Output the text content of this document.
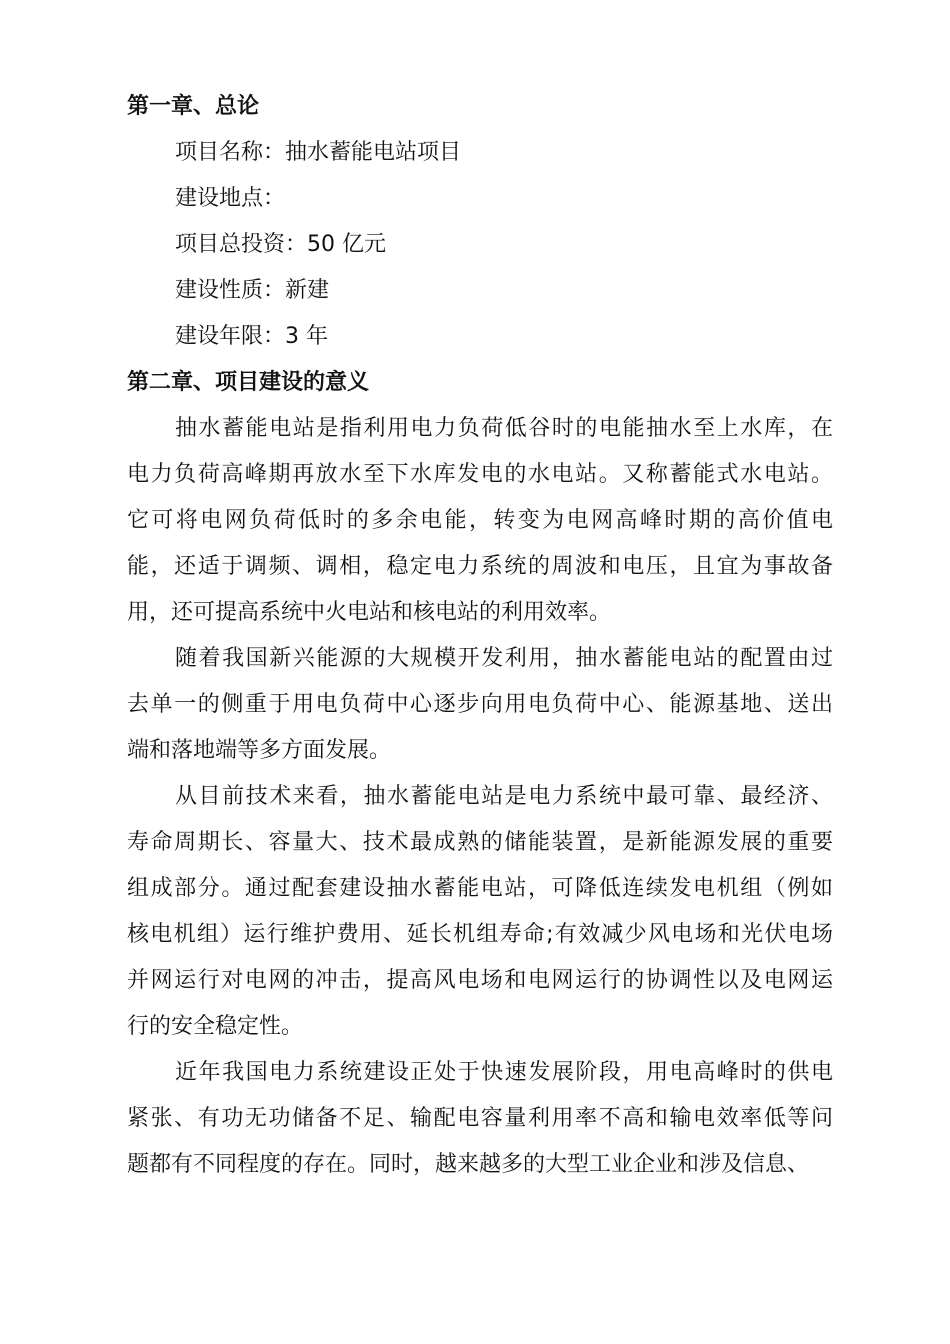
第一章、总论
项目名称：抽水蓄能电站项目
建设地点：
项目总投资：50 亿元
建设性质：新建
建设年限：3 年
第二章、项目建设的意义
抽水蓄能电站是指利用电力负荷低谷时的电能抽水至上水库，在
电力负荷高峰期再放水至下水库发电的水电站。又称蓄能式水电站。
它可将电网负荷低时的多余电能，转变为电网高峰时期的高价值电
能，还适于调频、调相，稳定电力系统的周波和电压，且宜为事故备
用，还可提高系统中火电站和核电站的利用效率。
随着我国新兴能源的大规模开发利用，抽水蓄能电站的配置由过
去单一的侧重于用电负荷中心逐步向用电负荷中心、能源基地、送出
端和落地端等多方面发展。
从目前技术来看，抽水蓄能电站是电力系统中最可靠、最经济、
寿命周期长、容量大、技术最成熟的储能装置，是新能源发展的重要
组成部分。通过配套建设抽水蓄能电站，可降低连续发电机组（例如
核电机组）运行维护费用、延长机组寿命;有效减少风电场和光伏电场
并网运行对电网的冲击，提高风电场和电网运行的协调性以及电网运
行的安全稳定性。
近年我国电力系统建设正处于快速发展阶段，用电高峰时的供电
紧张、有功无功储备不足、输配电容量利用率不高和输电效率低等问
题都有不同程度的存在。同时，越来越多的大型工业企业和涉及信息、
